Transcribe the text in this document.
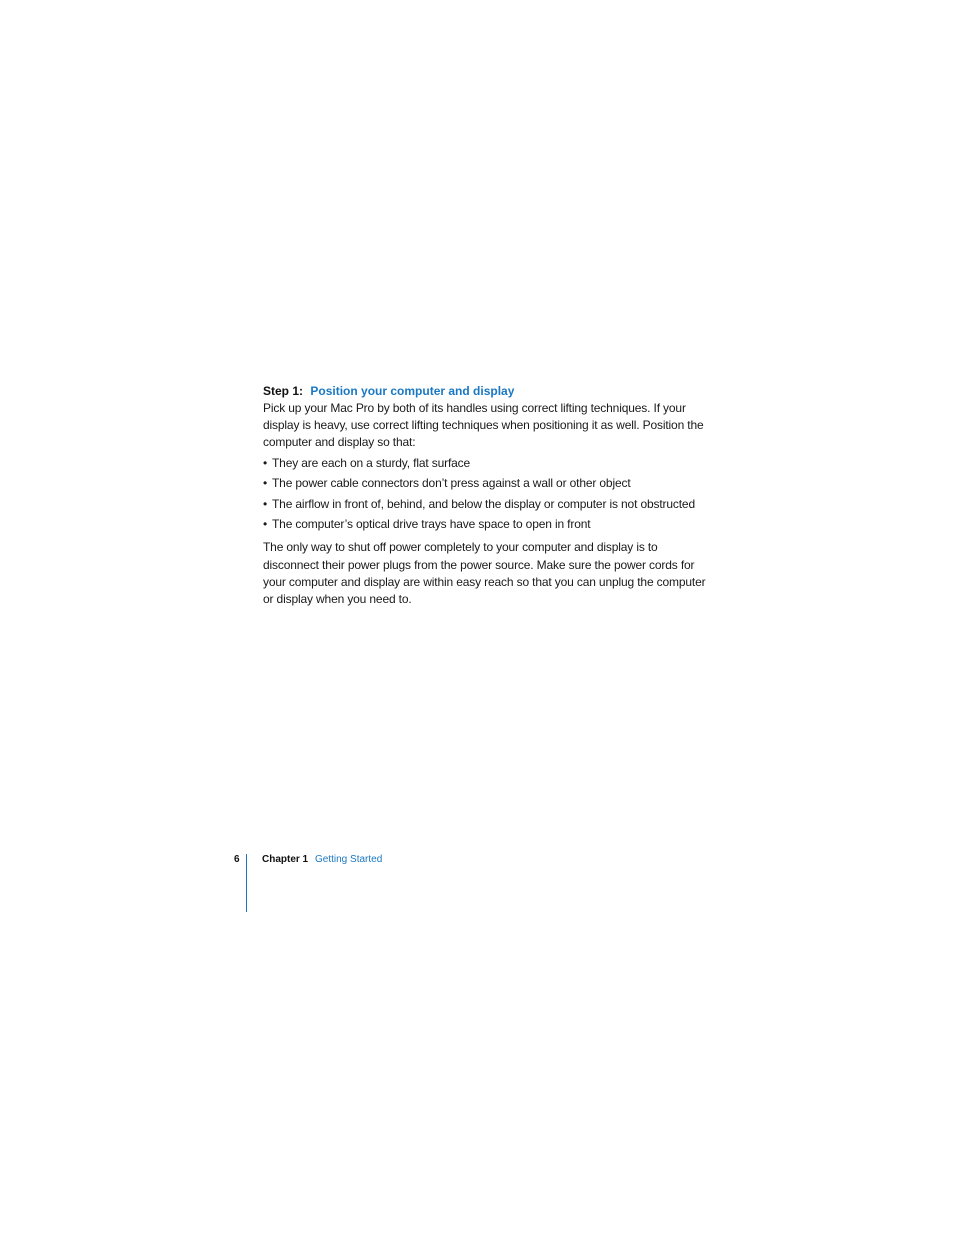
Step 1: Position your computer and display

Pick up your Mac Pro by both of its handles using correct lifting techniques. If your display is heavy, use correct lifting techniques when positioning it as well. Position the computer and display so that:

• They are each on a sturdy, flat surface
• The power cable connectors don’t press against a wall or other object
• The airflow in front of, behind, and below the display or computer is not obstructed
• The computer’s optical drive trays have space to open in front

The only way to shut off power completely to your computer and display is to disconnect their power plugs from the power source. Make sure the power cords for your computer and display are within easy reach so that you can unplug the computer or display when you need to.

6 Chapter 1 Getting Started
